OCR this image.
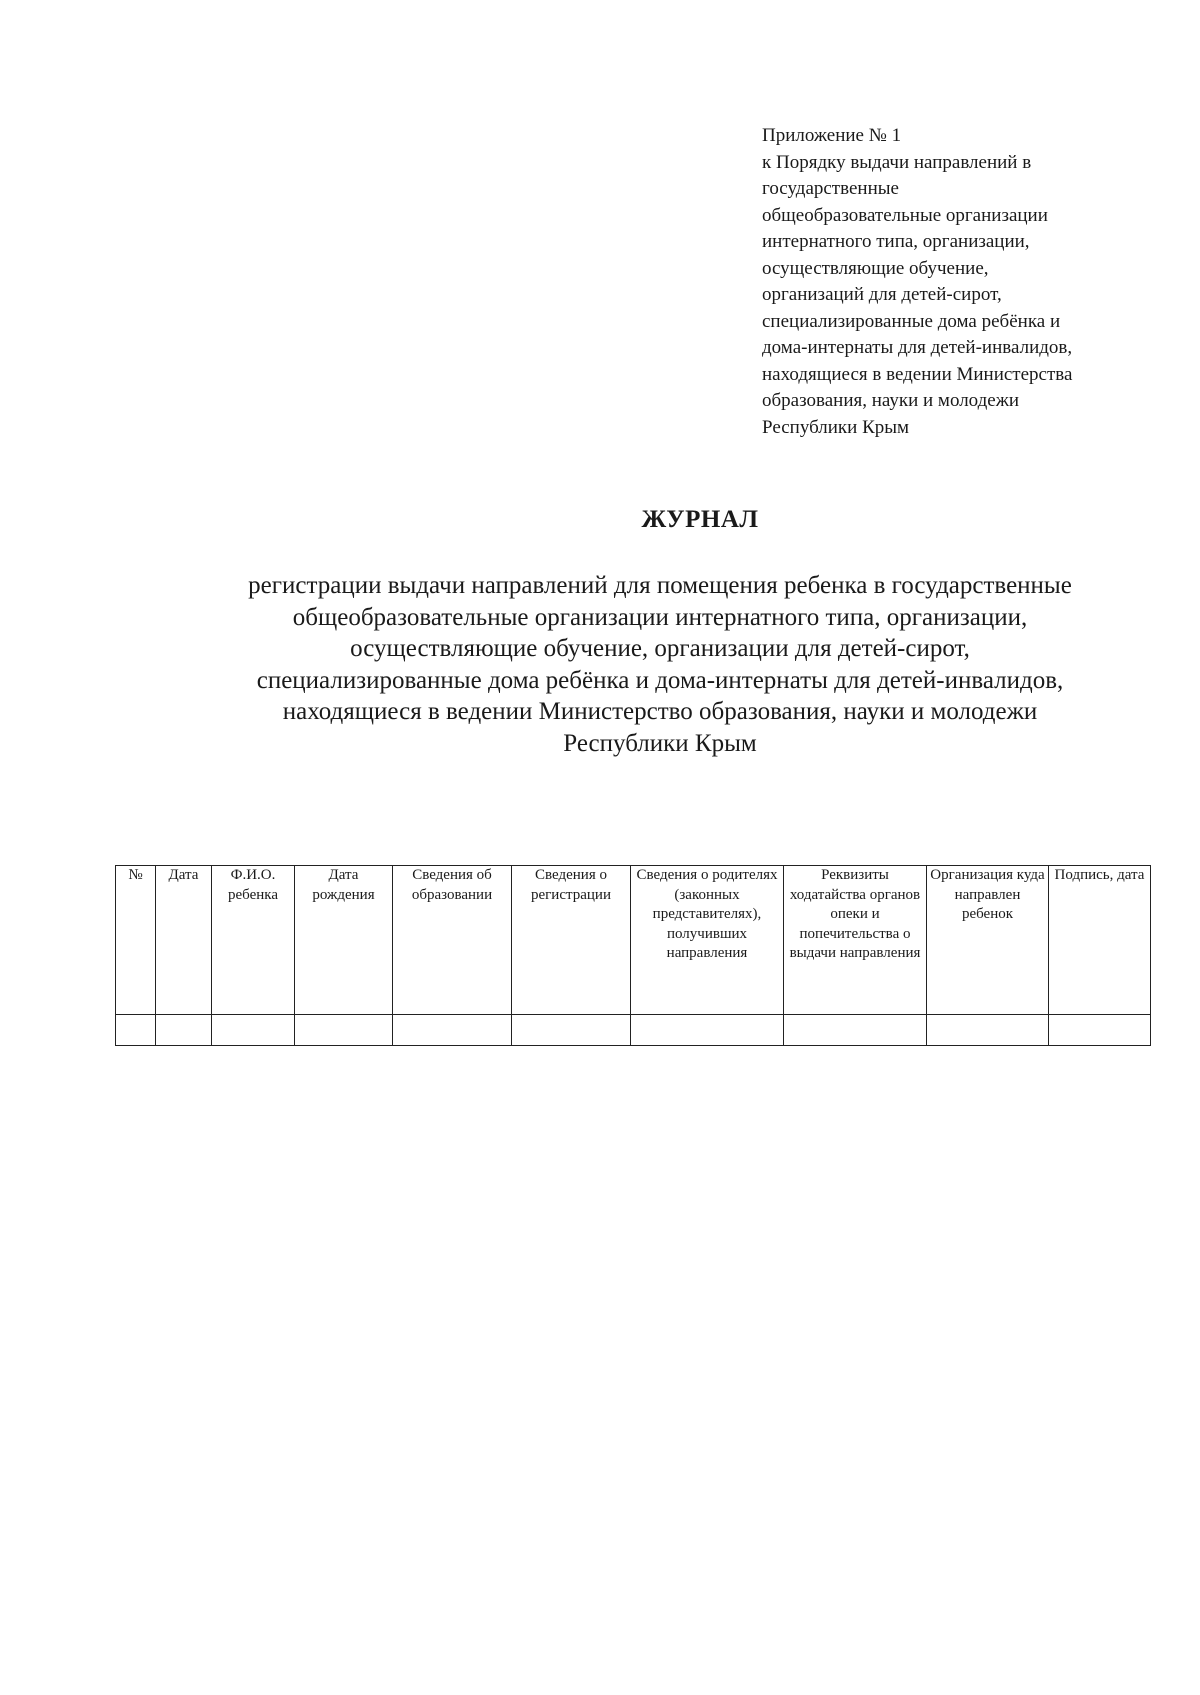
Приложение № 1
к Порядку выдачи направлений в
государственные
общеобразовательные организации
интернатного типа, организации,
осуществляющие обучение,
организаций для детей-сирот,
специализированные дома ребёнка и
дома-интернаты для детей-инвалидов,
находящиеся в ведении Министерства
образования, науки и молодежи
Республики Крым
ЖУРНАЛ
регистрации выдачи направлений для помещения ребенка в государственные
общеобразовательные организации интернатного типа, организации,
осуществляющие обучение, организации для детей-сирот,
специализированные дома ребёнка и дома-интернаты для детей-инвалидов,
находящиеся в ведении Министерство образования, науки и молодежи
Республики Крым
№	Дата	Ф.И.О. ребенка	Дата рождения	Сведения об образовании	Сведения о регистрации	Сведения о родителях (законных представителях), получивших направления	Реквизиты ходатайства органов опеки и попечительства о выдачи направления	Организация куда направлен ребенок	Подпись, дата
